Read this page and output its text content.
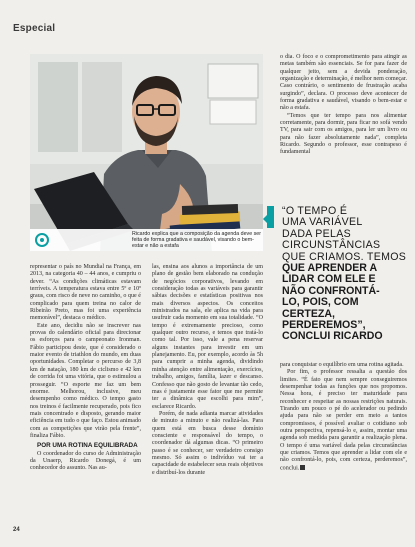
Especial
Ricardo explica que a composição da agenda deve ser feita de forma gradativa e saudável, visando o bem-estar e não a estafa

o dia. O foco e o comprometimento para atingir as metas também são essenciais. Se for para fazer de qualquer jeito, sem a devida ponderação, organização e determinação, é melhor nem começar. Caso contrário, o sentimento de frustração acaba surgindo”, declara. O processo deve acontecer de forma gradativa e saudável, visando o bem-estar e não a estafa.

“Temos que ter tempo para nos alimentar corretamente, para dormir, para ficar no sofá vendo TV, para sair com os amigos, para ler um livro ou para não fazer absolutamente nada”, completa Ricardo. Segundo o professor, esse contrapeso é fundamental

“O TEMPO É
UMA VARIÁVEL
DADA PELAS
CIRCUNSTÂNCIAS
QUE CRIAMOS. TEMOS
QUE APRENDER A
LIDAR COM ELE E
NÃO CONFRONTÁ-
LO, POIS, COM
CERTEZA,
PERDEREMOS”,
CONCLUI RICARDO

representar o país no Mundial na França, em 2013, na categoria 40 – 44 anos, e cumpriu o dever. “As condições climáticas estavam terríveis. A temperatura estava entre 5º e 10º graus, com risco de neve no caminho, o que é complicado para quem treina no calor de Ribeirão Preto, mas foi uma experiência memorável”, destaca o médico.

Este ano, decidiu não se inscrever nas provas do calendário oficial para direcionar os esforços para o campeonato Ironman. Fábio participou deste, que é considerado o maior evento de triathlon do mundo, em duas oportunidades. Completar o percurso de 3,8 km de natação, 180 km de ciclismo e 42 km de corrida foi uma vitória, que o estimulou a prosseguir. “O esporte me faz um bem enorme. Melhorou, inclusive, meu desempenho como médico. O tempo gasto nos treinos é facilmente recuperado, pois fico mais concentrado e disposto, gerando maior eficiência em tudo o que faço. Estou animado com as competições que virão pela frente”, finaliza Fábio.

POR UMA ROTINA EQUILIBRADA

O coordenador do curso de Administração da Unaerp, Ricardo Donegá, é um conhecedor do assunto. Nas au-

las, ensina aos alunos a importância de um plano de gestão bem elaborado na condução de negócios corporativos, levando em consideração todas as variáveis para garantir sábias decisões e estatísticas positivas nos mais diversos aspectos. Os conceitos ministrados na sala, ele aplica na vida para usufruir cada momento em sua totalidade. “O tempo é extremamente precioso, como qualquer outro recurso, e temos que tratá-lo como tal. Por isso, vale a pena reservar alguns instantes para investir em um planejamento. Eu, por exemplo, acordo às 5h para cumprir a minha agenda, dividindo minha atenção entre alimentação, exercícios, trabalho, amigos, família, lazer e descanso. Confesso que não gosto de levantar tão cedo, mas é justamente esse fator que me permite ter a dinâmica que escolhi para mim”, esclarece Ricardo.

Porém, de nada adianta marcar atividades de minuto a minuto e não realizá-las. Para quem está em busca desse domínio consciente e responsável do tempo, o coordenador dá algumas dicas. “O primeiro passo é se conhecer, ser verdadeiro consigo mesmo. Só assim o indivíduo vai ter a capacidade de estabelecer seus reais objetivos e distribuí-los durante

para conquistar o equilíbrio em uma rotina agitada.

Por fim, o professor ressalta a questão dos limites. “É fato que nem sempre conseguiremos desempenhar todas as funções que nos propomos. Nessa hora, é preciso ter maturidade para reconhecer e respeitar as nossas restrições naturais. Tirando um pouco o pé do acelerador ou pedindo ajuda para não se perder em meio a tantos compromissos, é possível avaliar o cotidiano sob outra perspectiva, repensá-lo e, assim, montar uma agenda sob medida para garantir a realização plena. O tempo é uma variável dada pelas circunstâncias que criamos. Temos que aprender a lidar com ele e não confrontá-lo, pois, com certeza, perderemos”, conclui.

24
